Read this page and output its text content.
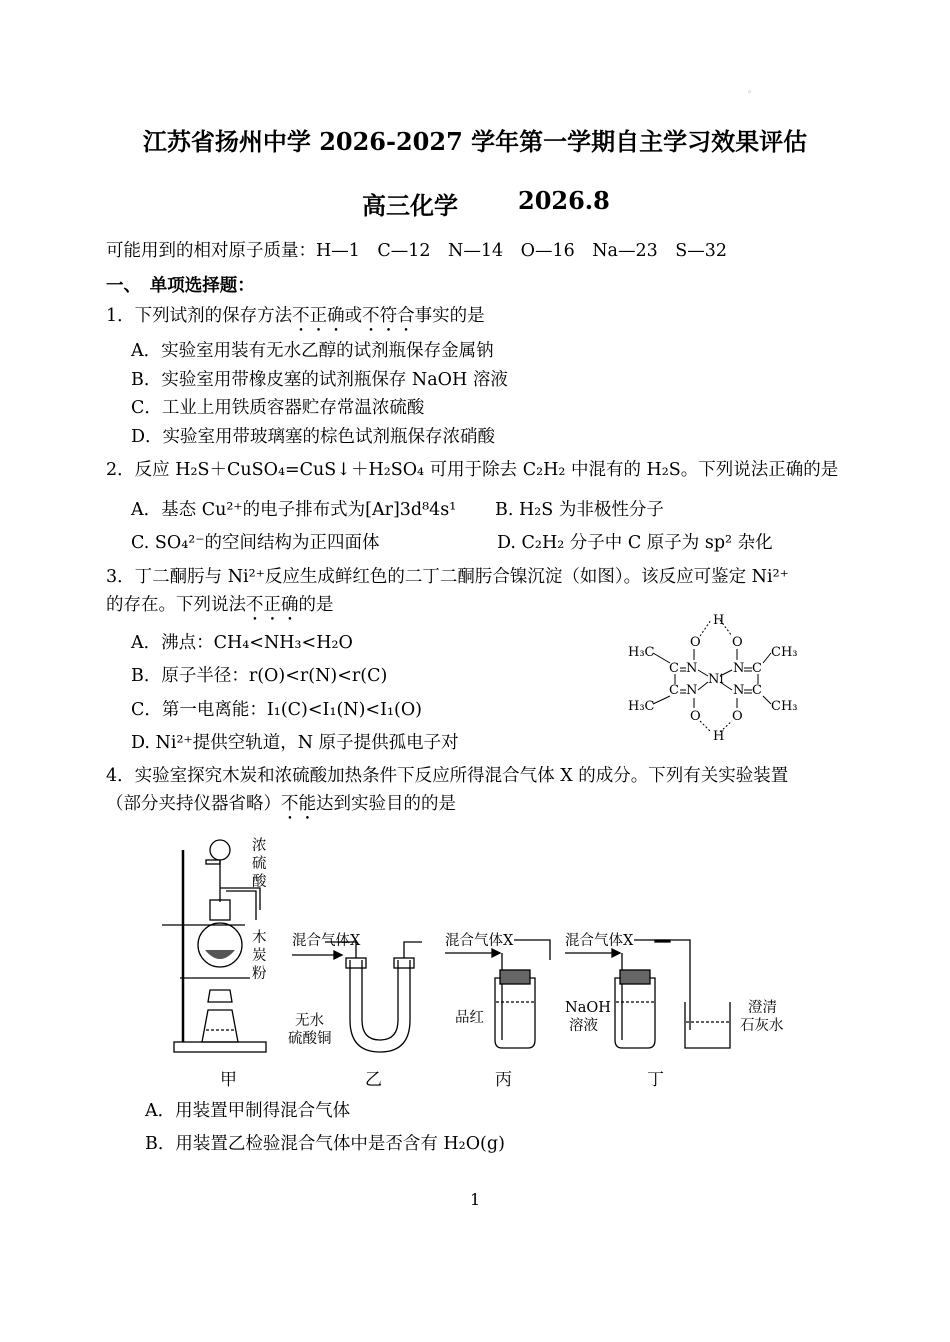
。
江苏省扬州中学 2026-2027 学年第一学期自主学习效果评估
高三化学	2026.8
可能用到的相对原子质量：H—1　C—12　N—14　O—16　Na—23　S—32
一、　单项选择题：
1．下列试剂的保存方法不正确或不符合事实的是
A．实验室用装有无水乙醇的试剂瓶保存金属钠
B．实验室用带橡皮塞的试剂瓶保存 NaOH 溶液
C．工业上用铁质容器贮存常温浓硫酸
D．实验室用带玻璃塞的棕色试剂瓶保存浓硝酸
2．反应 H₂S＋CuSO₄=CuS↓＋H₂SO₄ 可用于除去 C₂H₂ 中混有的 H₂S。下列说法正确的是
A．基态 Cu²⁺的电子排布式为[Ar]3d⁸4s¹ B. H₂S 为非极性分子
C. SO₄²⁻的空间结构为正四面体	D. C₂H₂ 分子中 C 原子为 sp² 杂化
3．丁二酮肟与 Ni²⁺反应生成鲜红色的二丁二酮肟合镍沉淀（如图）。该反应可鉴定 Ni²⁺
的存在。下列说法不正确的是
A．沸点：CH₄<NH₃<H₂O
B．原子半径：r(O)<r(N)<r(C)
C．第一电离能：I₁(C)<I₁(N)<I₁(O)
D. Ni²⁺提供空轨道，N 原子提供孤电子对
H
O O
H₃C	CH₃
C N	N C
Ni
C N	N C
H₃C	CH₃
O O
H
4．实验室探究木炭和浓硫酸加热条件下反应所得混合气体 X 的成分。下列有关实验装置
（部分夹持仪器省略）不能达到实验目的的是
浓
硫
酸
木
炭
粉
混合气体X
无水
硫酸铜
混合气体X
品红
混合气体X
NaOH
溶液
澄清
石灰水
甲	乙	丙	丁
A．用装置甲制得混合气体
B．用装置乙检验混合气体中是否含有 H₂O(g)
1
